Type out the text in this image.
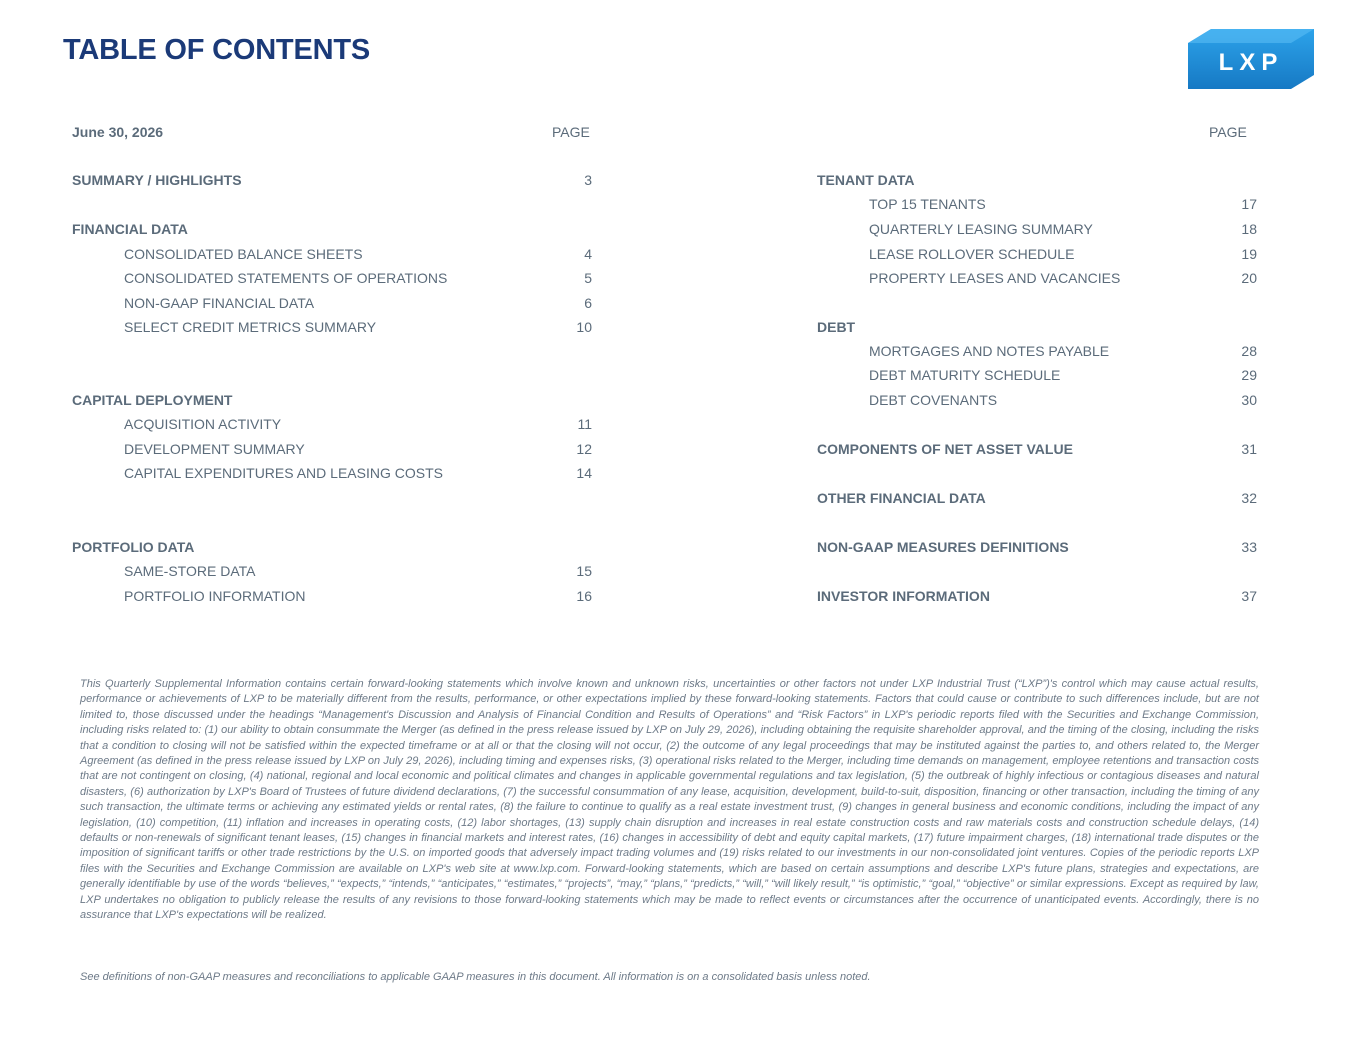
TABLE OF CONTENTS	LXP
June 30, 2026	PAGE	PAGE
SUMMARY / HIGHLIGHTS	3
FINANCIAL DATA
CONSOLIDATED BALANCE SHEETS	4
CONSOLIDATED STATEMENTS OF OPERATIONS	5
NON-GAAP FINANCIAL DATA	6
SELECT CREDIT METRICS SUMMARY	10
CAPITAL DEPLOYMENT
ACQUISITION ACTIVITY	11
DEVELOPMENT SUMMARY	12
CAPITAL EXPENDITURES AND LEASING COSTS	14
PORTFOLIO DATA
SAME-STORE DATA	15
PORTFOLIO INFORMATION	16
TENANT DATA
TOP 15 TENANTS	17
QUARTERLY LEASING SUMMARY	18
LEASE ROLLOVER SCHEDULE	19
PROPERTY LEASES AND VACANCIES	20
DEBT
MORTGAGES AND NOTES PAYABLE	28
DEBT MATURITY SCHEDULE	29
DEBT COVENANTS	30
COMPONENTS OF NET ASSET VALUE	31
OTHER FINANCIAL DATA	32
NON-GAAP MEASURES DEFINITIONS	33
INVESTOR INFORMATION	37
This Quarterly Supplemental Information contains certain forward-looking statements which involve known and unknown risks, uncertainties or other factors not under LXP Industrial Trust (“LXP”)'s control which may cause actual results, performance or achievements of LXP to be materially different from the results, performance, or other expectations implied by these forward-looking statements. Factors that could cause or contribute to such differences include, but are not limited to, those discussed under the headings “Management's Discussion and Analysis of Financial Condition and Results of Operations” and “Risk Factors” in LXP's periodic reports filed with the Securities and Exchange Commission, including risks related to: (1) our ability to obtain consummate the Merger (as defined in the press release issued by LXP on July 29, 2026), including obtaining the requisite shareholder approval, and the timing of the closing, including the risks that a condition to closing will not be satisfied within the expected timeframe or at all or that the closing will not occur, (2) the outcome of any legal proceedings that may be instituted against the parties to, and others related to, the Merger Agreement (as defined in the press release issued by LXP on July 29, 2026), including timing and expenses risks, (3) operational risks related to the Merger, including time demands on management, employee retentions and transaction costs that are not contingent on closing, (4) national, regional and local economic and political climates and changes in applicable governmental regulations and tax legislation, (5) the outbreak of highly infectious or contagious diseases and natural disasters, (6) authorization by LXP's Board of Trustees of future dividend declarations, (7) the successful consummation of any lease, acquisition, development, build-to-suit, disposition, financing or other transaction, including the timing of any such transaction, the ultimate terms or achieving any estimated yields or rental rates, (8) the failure to continue to qualify as a real estate investment trust, (9) changes in general business and economic conditions, including the impact of any legislation, (10) competition, (11) inflation and increases in operating costs, (12) labor shortages, (13) supply chain disruption and increases in real estate construction costs and raw materials costs and construction schedule delays, (14) defaults or non-renewals of significant tenant leases, (15) changes in financial markets and interest rates, (16) changes in accessibility of debt and equity capital markets, (17) future impairment charges, (18) international trade disputes or the imposition of significant tariffs or other trade restrictions by the U.S. on imported goods that adversely impact trading volumes and (19) risks related to our investments in our non-consolidated joint ventures. Copies of the periodic reports LXP files with the Securities and Exchange Commission are available on LXP's web site at www.lxp.com. Forward-looking statements, which are based on certain assumptions and describe LXP's future plans, strategies and expectations, are generally identifiable by use of the words “believes,” “expects,” “intends,” “anticipates,” “estimates,” “projects”, “may,” “plans,” “predicts,” “will,” “will likely result,” “is optimistic,” “goal,” “objective” or similar expressions. Except as required by law, LXP undertakes no obligation to publicly release the results of any revisions to those forward-looking statements which may be made to reflect events or circumstances after the occurrence of unanticipated events. Accordingly, there is no assurance that LXP's expectations will be realized.
See definitions of non-GAAP measures and reconciliations to applicable GAAP measures in this document. All information is on a consolidated basis unless noted.
